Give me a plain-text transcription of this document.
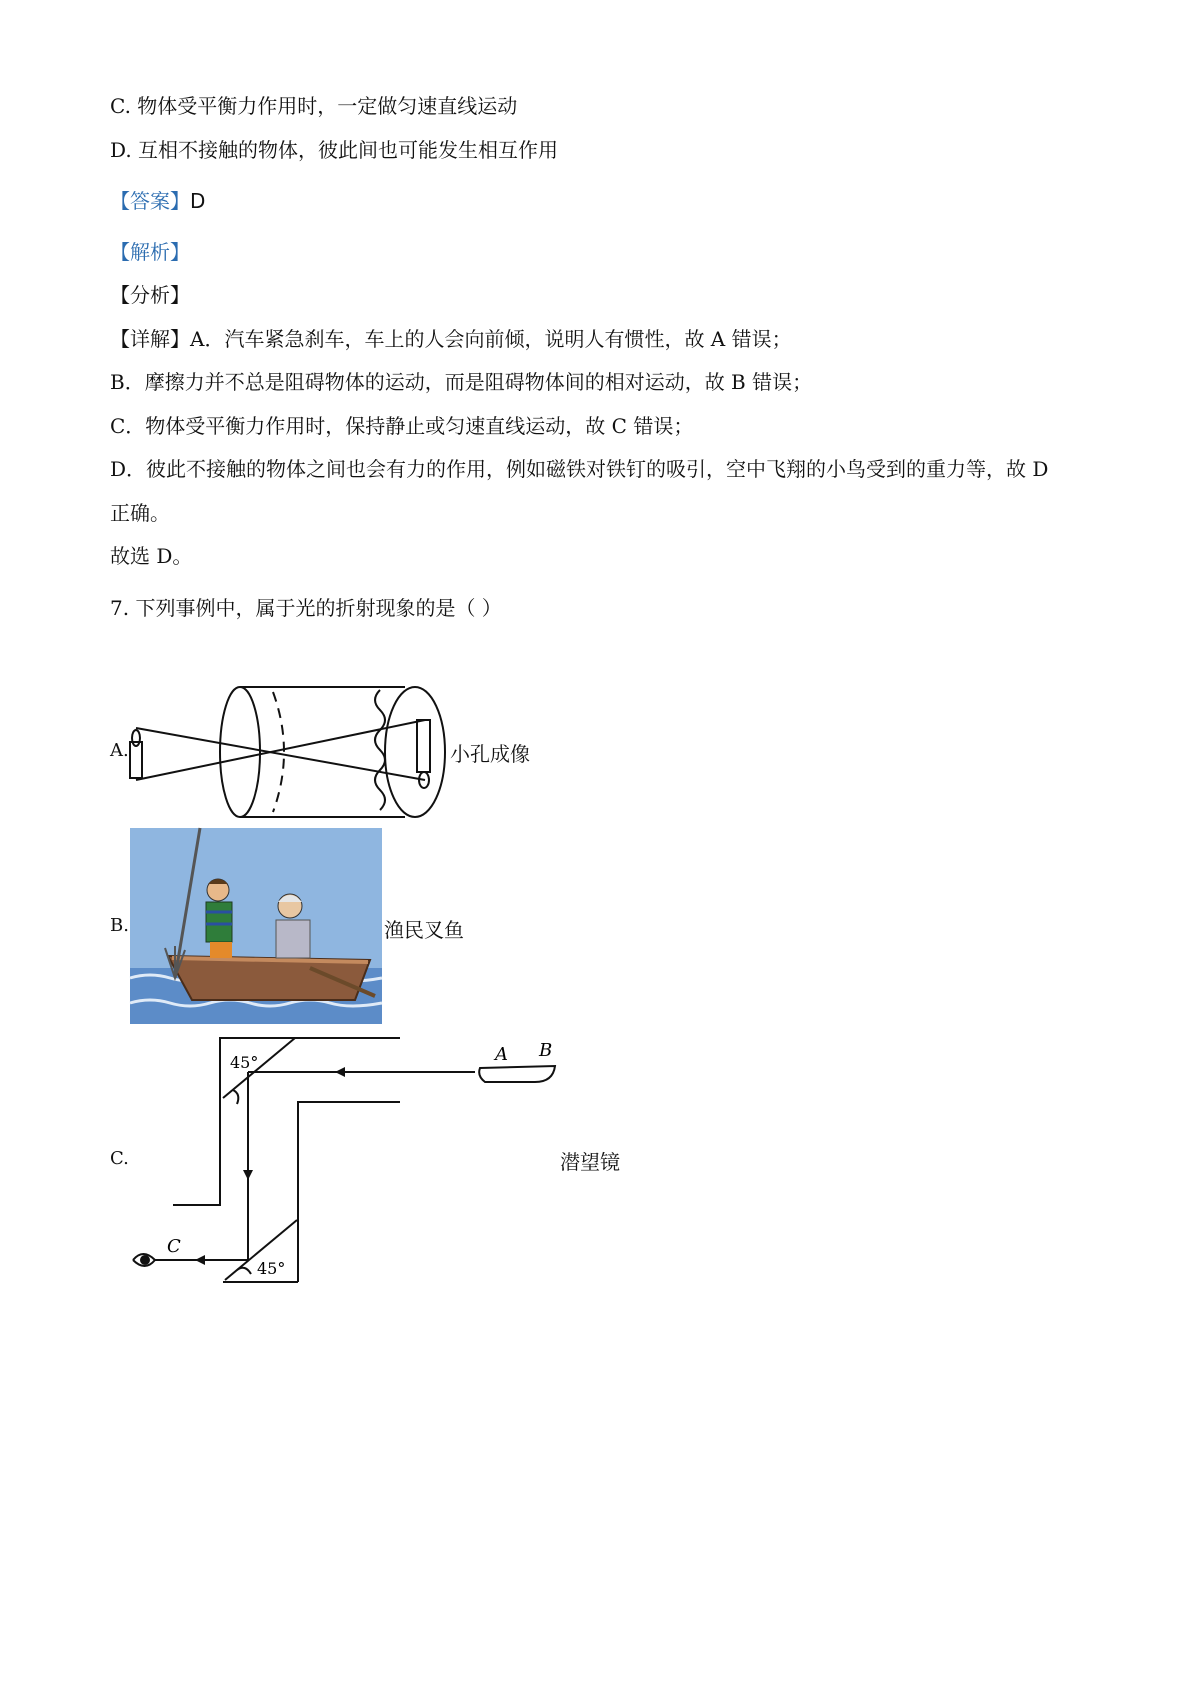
C. 物体受平衡力作用时，一定做匀速直线运动
D. 互相不接触的物体，彼此间也可能发生相互作用
【答案】D
【解析】
【分析】
【详解】A．汽车紧急刹车，车上的人会向前倾，说明人有惯性，故 A 错误；
B．摩擦力并不总是阻碍物体的运动，而是阻碍物体间的相对运动，故 B 错误；
C．物体受平衡力作用时，保持静止或匀速直线运动，故 C 错误；
D．彼此不接触的物体之间也会有力的作用，例如磁铁对铁钉的吸引，空中飞翔的小鸟受到的重力等，故 D
正确。
故选 D。
7. 下列事例中，属于光的折射现象的是（ ）
A.	小孔成像
B.	渔民叉鱼
C.
45°
45°
A B
C
潜望镜
